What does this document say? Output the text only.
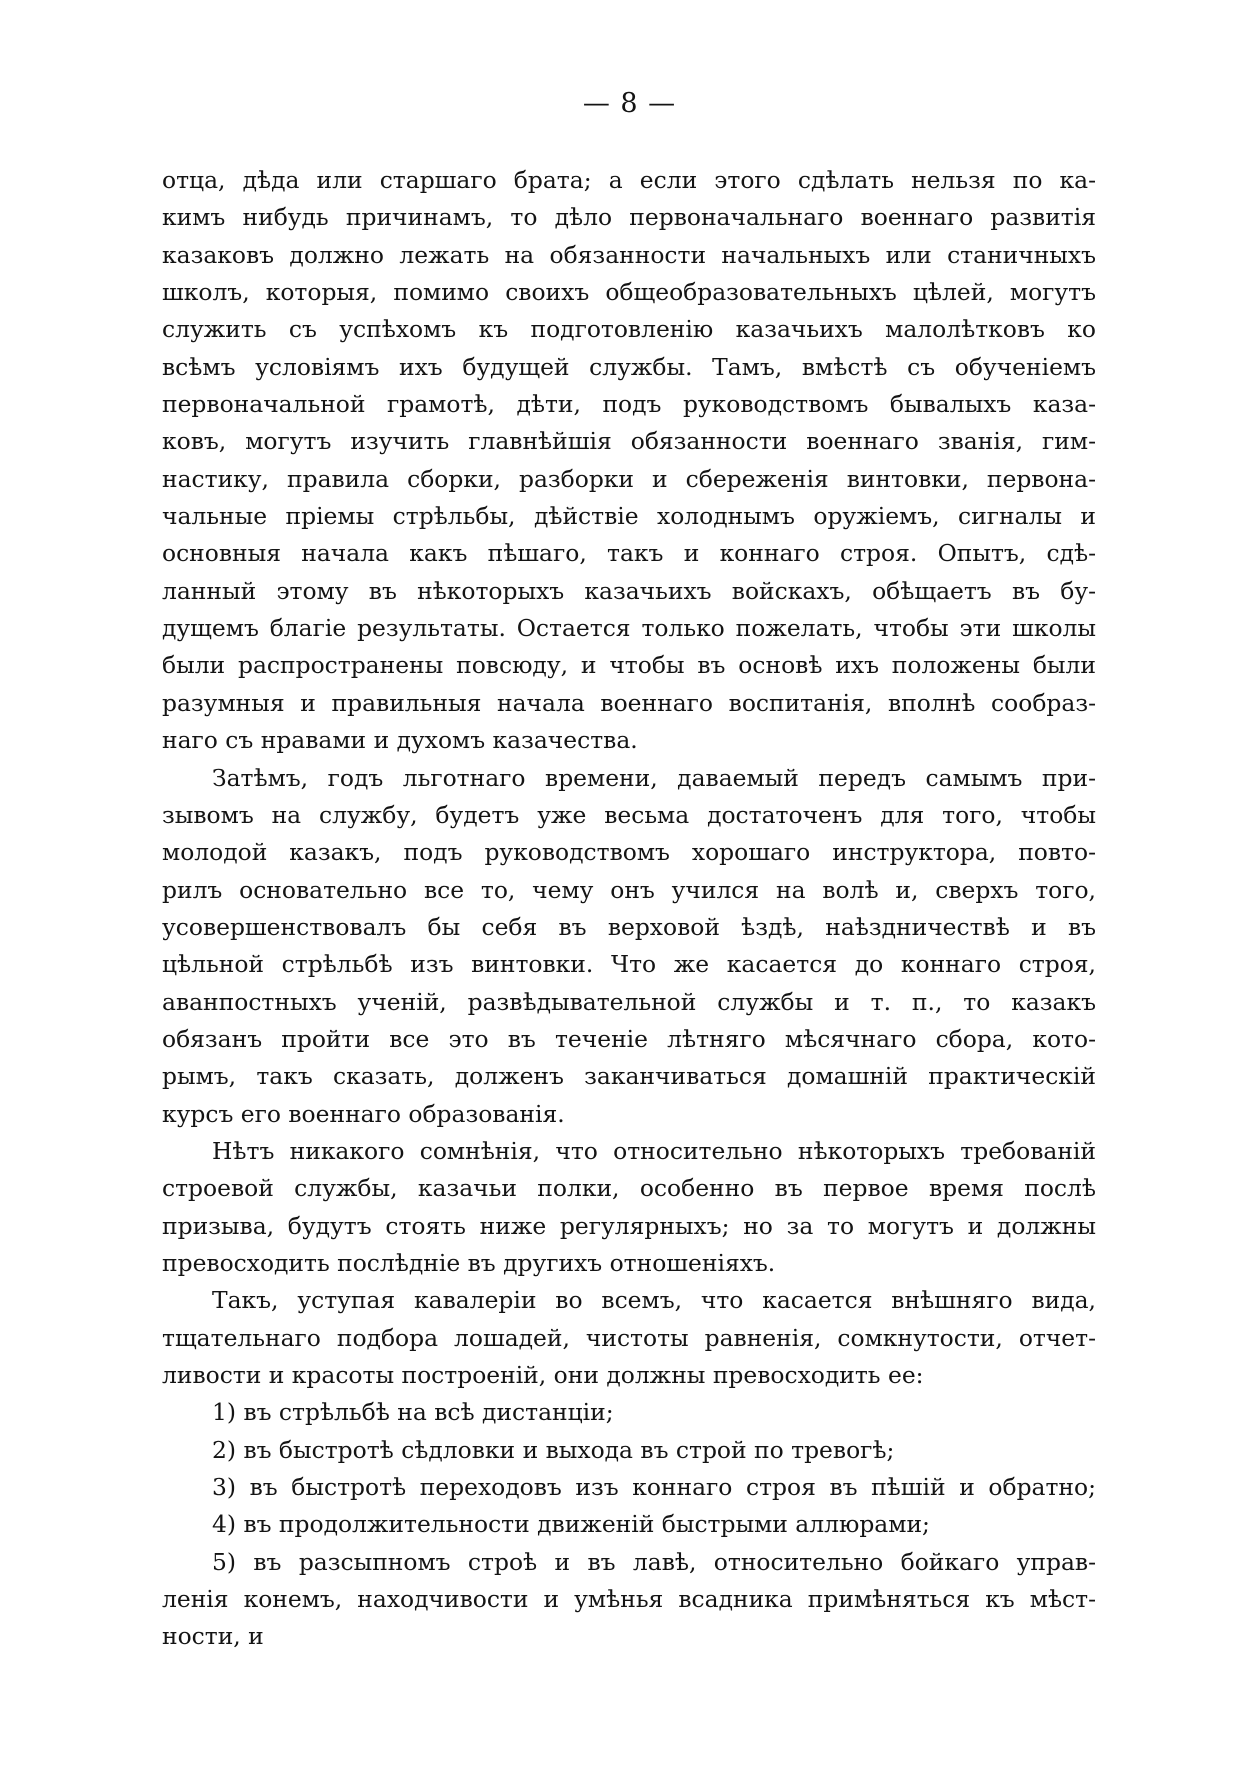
— 8 —
отца, дѣда или старшаго брата; а если этого сдѣлать нельзя по ка-
кимъ нибудь причинамъ, то дѣло первоначальнаго военнаго развитія
казаковъ должно лежать на обязанности начальныхъ или станичныхъ
школъ, которыя, помимо своихъ общеобразовательныхъ цѣлей, могутъ
служить съ успѣхомъ къ подготовленію казачьихъ малолѣтковъ ко
всѣмъ условіямъ ихъ будущей службы. Тамъ, вмѣстѣ съ обученіемъ
первоначальной грамотѣ, дѣти, подъ руководствомъ бывалыхъ каза-
ковъ, могутъ изучить главнѣйшія обязанности военнаго званія, гим-
настику, правила сборки, разборки и сбереженія винтовки, первона-
чальные пріемы стрѣльбы, дѣйствіе холоднымъ оружіемъ, сигналы и
основныя начала какъ пѣшаго, такъ и коннаго строя. Опытъ, сдѣ-
ланный этому въ нѣкоторыхъ казачьихъ войскахъ, обѣщаетъ въ бу-
дущемъ благіе результаты. Остается только пожелать, чтобы эти школы
были распространены повсюду, и чтобы въ основѣ ихъ положены были
разумныя и правильныя начала военнаго воспитанія, вполнѣ сообраз-
наго съ нравами и духомъ казачества.
Затѣмъ, годъ льготнаго времени, даваемый передъ самымъ при-
зывомъ на службу, будетъ уже весьма достаточенъ для того, чтобы
молодой казакъ, подъ руководствомъ хорошаго инструктора, повто-
рилъ основательно все то, чему онъ учился на волѣ и, сверхъ того,
усовершенствовалъ бы себя въ верховой ѣздѣ, наѣздничествѣ и въ
цѣльной стрѣльбѣ изъ винтовки. Что же касается до коннаго строя,
аванпостныхъ ученій, развѣдывательной службы и т. п., то казакъ
обязанъ пройти все это въ теченіе лѣтняго мѣсячнаго сбора, кото-
рымъ, такъ сказать, долженъ заканчиваться домашній практическій
курсъ его военнаго образованія.
Нѣтъ никакого сомнѣнія, что относительно нѣкоторыхъ требованій
строевой службы, казачьи полки, особенно въ первое время послѣ
призыва, будутъ стоять ниже регулярныхъ; но за то могутъ и должны
превосходить послѣдніе въ другихъ отношеніяхъ.
Такъ, уступая кавалеріи во всемъ, что касается внѣшняго вида,
тщательнаго подбора лошадей, чистоты равненія, сомкнутости, отчет-
ливости и красоты построеній, они должны превосходить ее:
1) въ стрѣльбѣ на всѣ дистанціи;
2) въ быстротѣ сѣдловки и выхода въ строй по тревогѣ;
3) въ быстротѣ переходовъ изъ коннаго строя въ пѣшій и обратно;
4) въ продолжительности движеній быстрыми аллюрами;
5) въ разсыпномъ строѣ и въ лавѣ, относительно бойкаго управ-
ленія конемъ, находчивости и умѣнья всадника примѣняться къ мѣст-
ности, и
